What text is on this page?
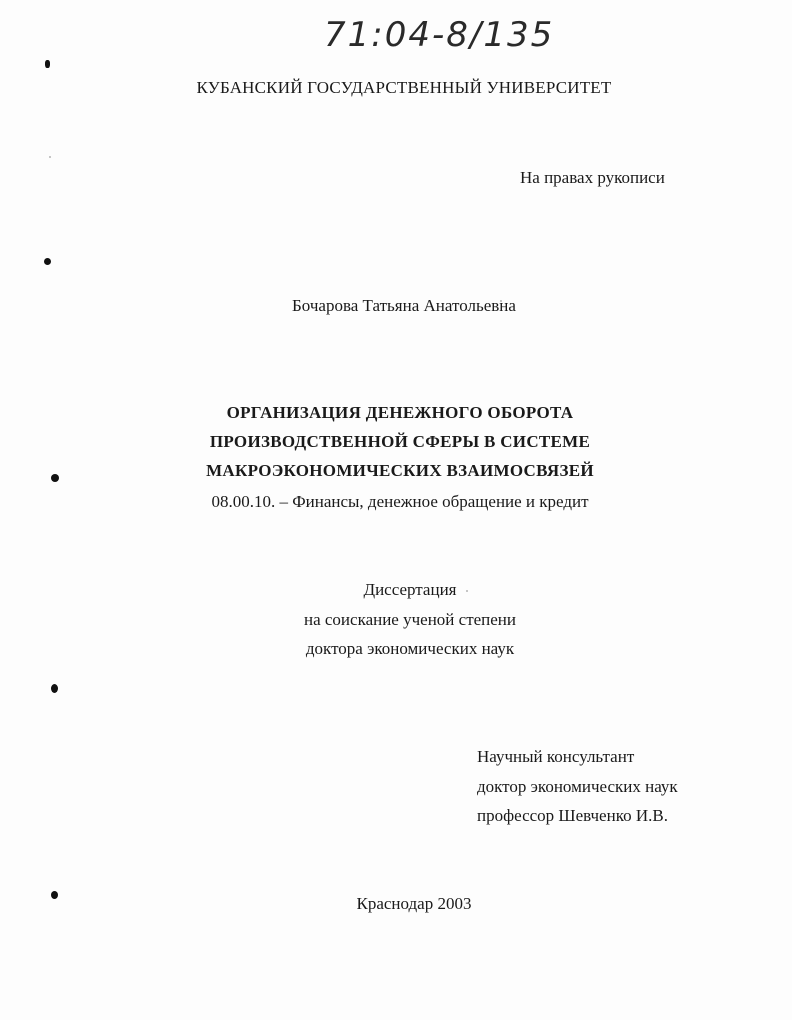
71:04-8/135
КУБАНСКИЙ ГОСУДАРСТВЕННЫЙ УНИВЕРСИТЕТ
На правах рукописи
Бочарова Татьяна Анатольевна
ОРГАНИЗАЦИЯ ДЕНЕЖНОГО ОБОРОТА
ПРОИЗВОДСТВЕННОЙ СФЕРЫ В СИСТЕМЕ
МАКРОЭКОНОМИЧЕСКИХ ВЗАИМОСВЯЗЕЙ
08.00.10. – Финансы, денежное обращение и кредит
Диссертация
на соискание ученой степени
доктора экономических наук
Научный консультант
доктор экономических наук
профессор Шевченко И.В.
Краснодар 2003
